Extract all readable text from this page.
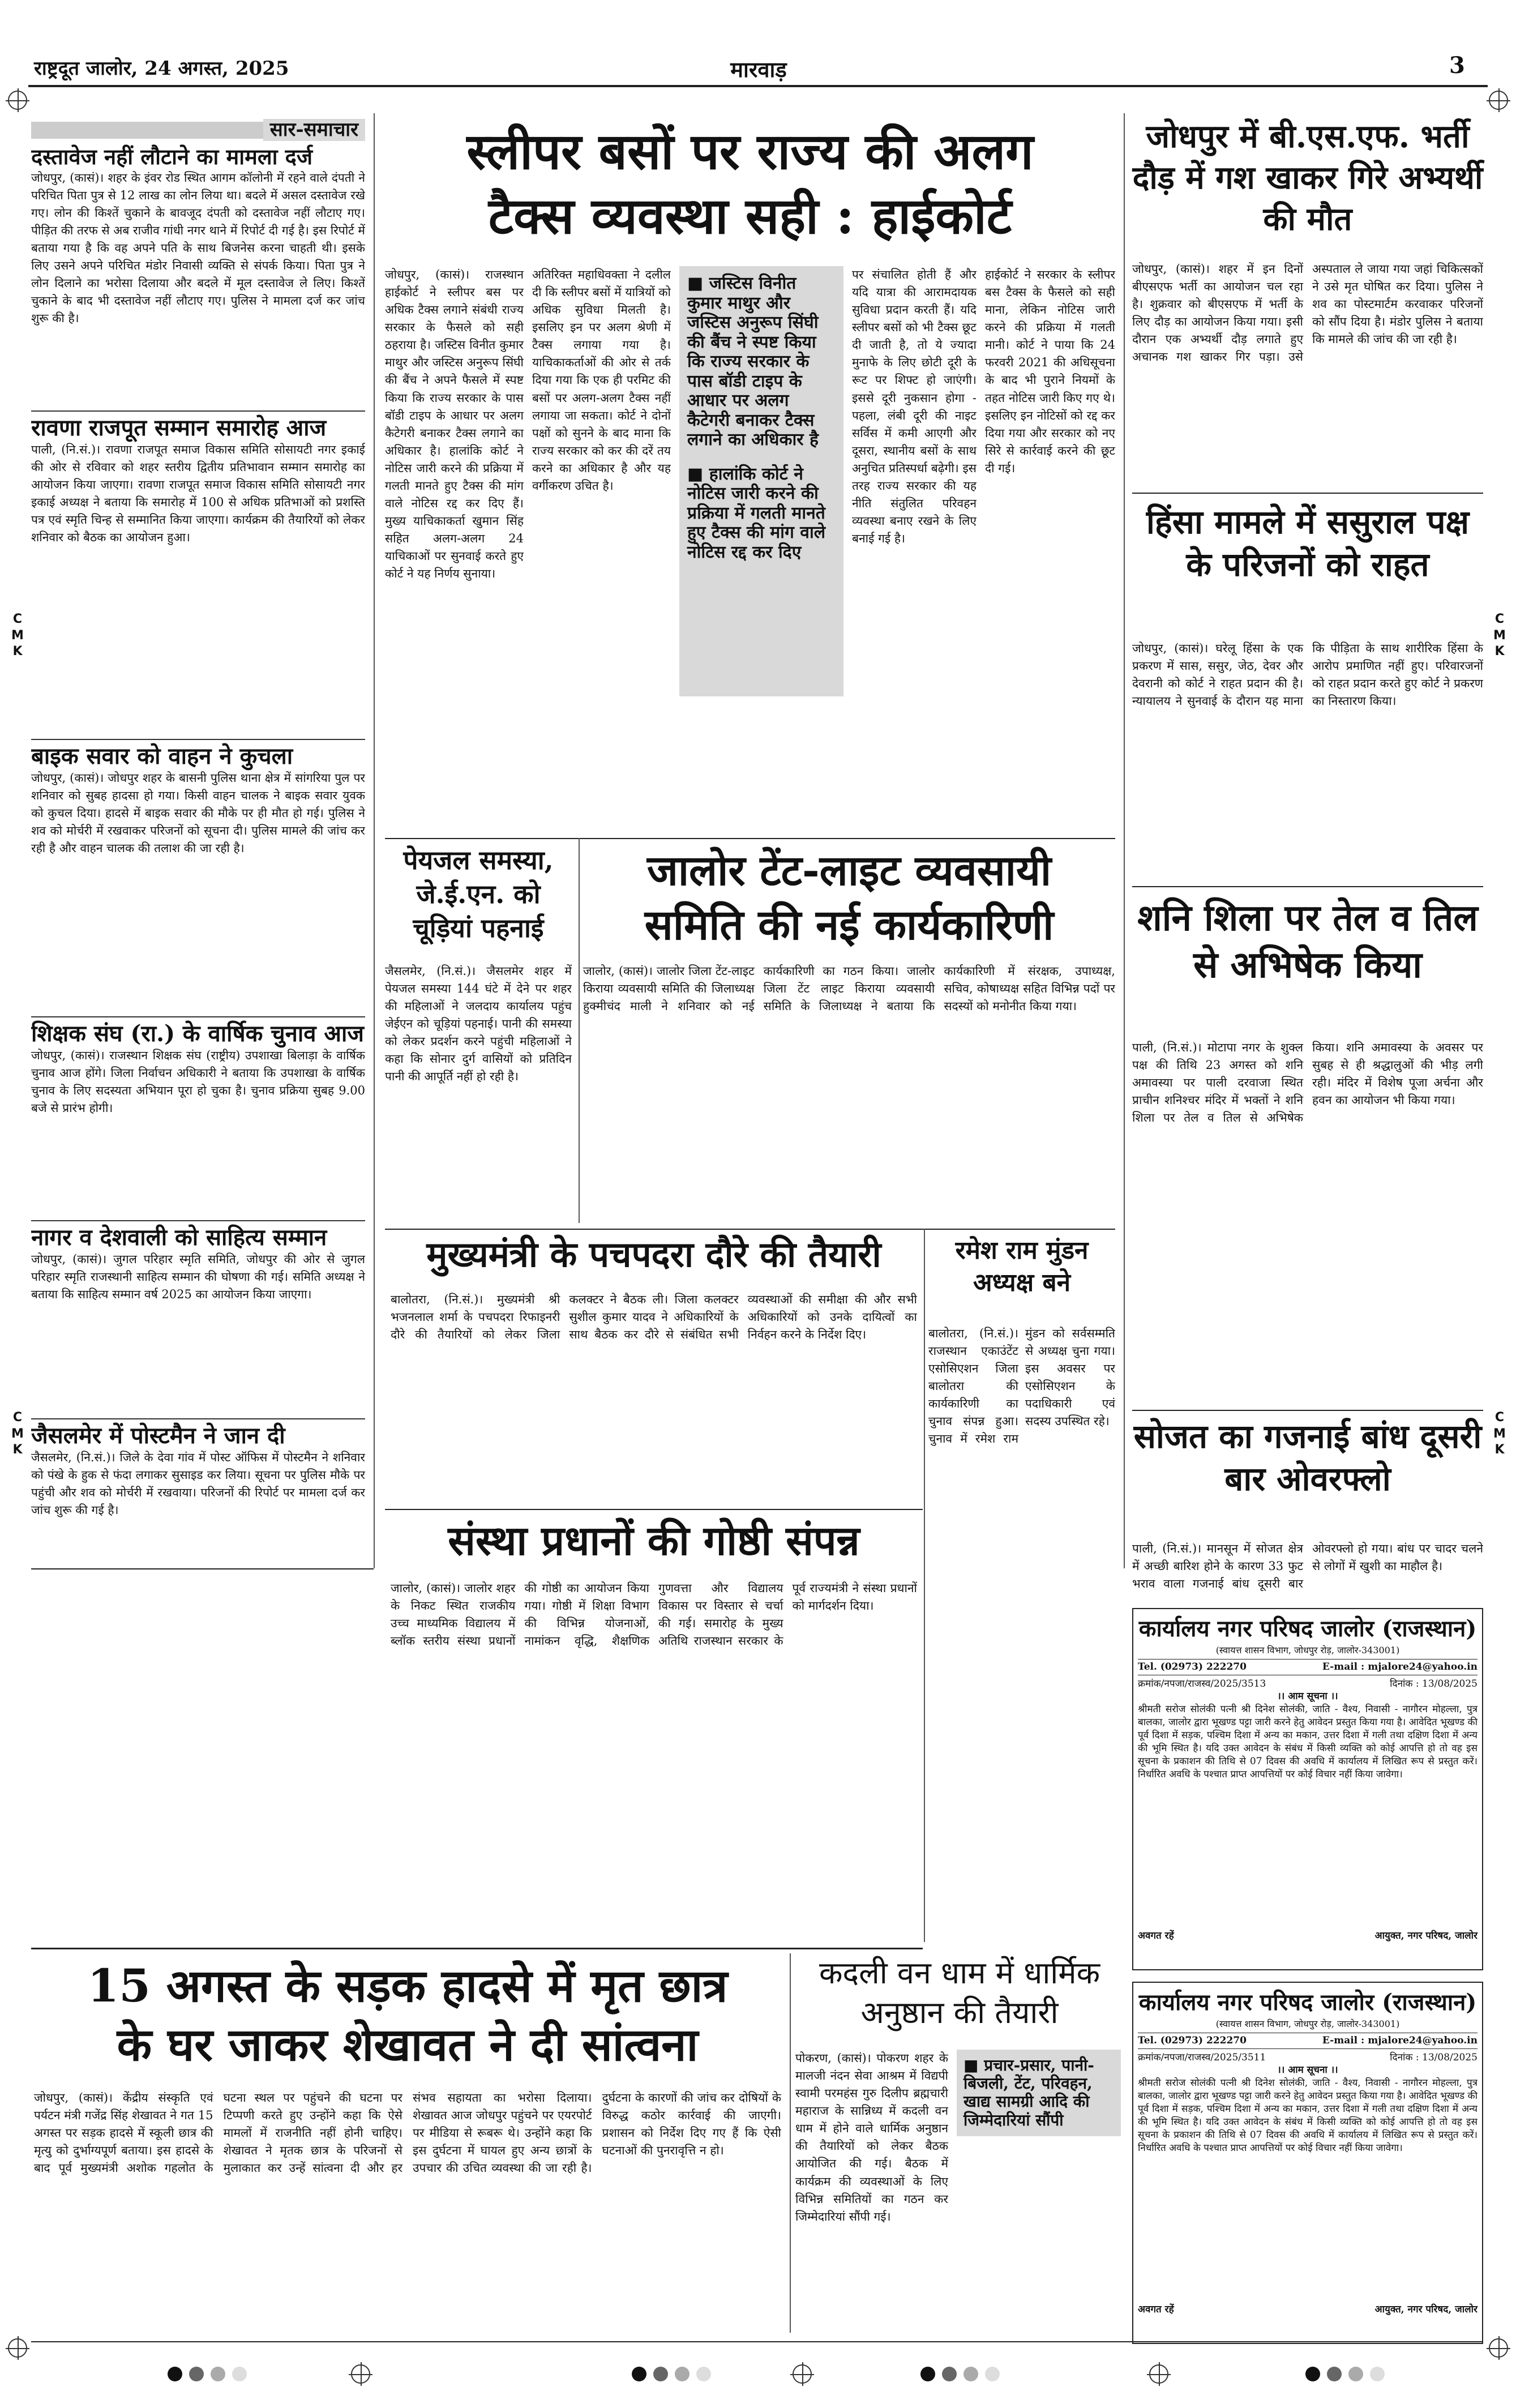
राष्ट्रदूत जालोर, 24 अगस्त, 2025	मारवाड़	3
C
M
K
C
M
K
C
M
K
C
M
K
सार-समाचार
दस्तावेज नहीं लौटाने का मामला दर्ज
जोधपुर, (कासं)। शहर के इंवर रोड स्थित आगम कॉलोनी में रहने वाले दंपती ने परिचित पिता पुत्र से 12 लाख का लोन लिया था। बदले में असल दस्तावेज रखे गए। लोन की किश्तें चुकाने के बावजूद दंपती को दस्तावेज नहीं लौटाए गए। पीड़ित की तरफ से अब राजीव गांधी नगर थाने में रिपोर्ट दी गई है। इस रिपोर्ट में बताया गया है कि वह अपने पति के साथ बिजनेस करना चाहती थी। इसके लिए उसने अपने परिचित मंडोर निवासी व्यक्ति से संपर्क किया। पिता पुत्र ने लोन दिलाने का भरोसा दिलाया और बदले में मूल दस्तावेज ले लिए। किश्तें चुकाने के बाद भी दस्तावेज नहीं लौटाए गए। पुलिस ने मामला दर्ज कर जांच शुरू की है।
रावणा राजपूत सम्मान समारोह आज
पाली, (नि.सं.)। रावणा राजपूत समाज विकास समिति सोसायटी नगर इकाई की ओर से रविवार को शहर स्तरीय द्वितीय प्रतिभावान सम्मान समारोह का आयोजन किया जाएगा। रावणा राजपूत समाज विकास समिति सोसायटी नगर इकाई अध्यक्ष ने बताया कि समारोह में 100 से अधिक प्रतिभाओं को प्रशस्ति पत्र एवं स्मृति चिन्ह से सम्मानित किया जाएगा। कार्यक्रम की तैयारियों को लेकर शनिवार को बैठक का आयोजन हुआ।
बाइक सवार को वाहन ने कुचला
जोधपुर, (कासं)। जोधपुर शहर के बासनी पुलिस थाना क्षेत्र में सांगरिया पुल पर शनिवार को सुबह हादसा हो गया। किसी वाहन चालक ने बाइक सवार युवक को कुचल दिया। हादसे में बाइक सवार की मौके पर ही मौत हो गई। पुलिस ने शव को मोर्चरी में रखवाकर परिजनों को सूचना दी। पुलिस मामले की जांच कर रही है और वाहन चालक की तलाश की जा रही है।
शिक्षक संघ (रा.) के वार्षिक चुनाव आज
जोधपुर, (कासं)। राजस्थान शिक्षक संघ (राष्ट्रीय) उपशाखा बिलाड़ा के वार्षिक चुनाव आज होंगे। जिला निर्वाचन अधिकारी ने बताया कि उपशाखा के वार्षिक चुनाव के लिए सदस्यता अभियान पूरा हो चुका है। चुनाव प्रक्रिया सुबह 9.00 बजे से प्रारंभ होगी।
नागर व देशवाली को साहित्य सम्मान
जोधपुर, (कासं)। जुगल परिहार स्मृति समिति, जोधपुर की ओर से जुगल परिहार स्मृति राजस्थानी साहित्य सम्मान की घोषणा की गई। समिति अध्यक्ष ने बताया कि साहित्य सम्मान वर्ष 2025 का आयोजन किया जाएगा।
जैसलमेर में पोस्टमैन ने जान दी
जैसलमेर, (नि.सं.)। जिले के देवा गांव में पोस्ट ऑफिस में पोस्टमैन ने शनिवार को पंखे के हुक से फंदा लगाकर सुसाइड कर लिया। सूचना पर पुलिस मौके पर पहुंची और शव को मोर्चरी में रखवाया। परिजनों की रिपोर्ट पर मामला दर्ज कर जांच शुरू की गई है।
स्लीपर बसों पर राज्य की अलग
टैक्स व्यवस्था सही : हाईकोर्ट
जोधपुर, (कासं)। राजस्थान हाईकोर्ट ने स्लीपर बस पर अधिक टैक्स लगाने संबंधी राज्य सरकार के फैसले को सही ठहराया है। जस्टिस विनीत कुमार माथुर और जस्टिस अनुरूप सिंघी की बैंच ने अपने फैसले में स्पष्ट किया कि राज्य सरकार के पास बॉडी टाइप के आधार पर अलग कैटेगरी बनाकर टैक्स लगाने का अधिकार है। हालांकि कोर्ट ने नोटिस जारी करने की प्रक्रिया में गलती मानते हुए टैक्स की मांग वाले नोटिस रद्द कर दिए हैं। मुख्य याचिकाकर्ता खुमान सिंह सहित अलग-अलग 24 याचिकाओं पर सुनवाई करते हुए कोर्ट ने यह निर्णय सुनाया।
अतिरिक्त महाधिवक्ता ने दलील दी कि स्लीपर बसों में यात्रियों को अधिक सुविधा मिलती है। इसलिए इन पर अलग श्रेणी में टैक्स लगाया गया है। याचिकाकर्ताओं की ओर से तर्क दिया गया कि एक ही परमिट की बसों पर अलग-अलग टैक्स नहीं लगाया जा सकता। कोर्ट ने दोनों पक्षों को सुनने के बाद माना कि राज्य सरकार को कर की दरें तय करने का अधिकार है और यह वर्गीकरण उचित है।
■ जस्टिस विनीत कुमार माथुर और जस्टिस अनुरूप सिंघी की बैंच ने स्पष्ट किया कि राज्य सरकार के पास बॉडी टाइप के आधार पर अलग कैटेगरी बनाकर टैक्स लगाने का अधिकार है
■ हालांकि कोर्ट ने नोटिस जारी करने की प्रक्रिया में गलती मानते हुए टैक्स की मांग वाले नोटिस रद्द कर दिए
पर संचालित होती हैं और यदि यात्रा की आरामदायक सुविधा प्रदान करती हैं। यदि स्लीपर बसों को भी टैक्स छूट दी जाती है, तो ये ज्यादा मुनाफे के लिए छोटी दूरी के रूट पर शिफ्ट हो जाएंगी। इससे दूरी नुकसान होगा - पहला, लंबी दूरी की नाइट सर्विस में कमी आएगी और दूसरा, स्थानीय बसों के साथ अनुचित प्रतिस्पर्धा बढ़ेगी। इस तरह राज्य सरकार की यह नीति संतुलित परिवहन व्यवस्था बनाए रखने के लिए बनाई गई है।
हाईकोर्ट ने सरकार के स्लीपर बस टैक्स के फैसले को सही माना, लेकिन नोटिस जारी करने की प्रक्रिया में गलती मानी। कोर्ट ने पाया कि 24 फरवरी 2021 की अधिसूचना के बाद भी पुराने नियमों के तहत नोटिस जारी किए गए थे। इसलिए इन नोटिसों को रद्द कर दिया गया और सरकार को नए सिरे से कार्रवाई करने की छूट दी गई।
जोधपुर में बी.एस.एफ. भर्ती दौड़ में गश खाकर गिरे अभ्यर्थी की मौत
जोधपुर, (कासं)। शहर में इन दिनों बीएसएफ भर्ती का आयोजन चल रहा है। शुक्रवार को बीएसएफ में भर्ती के लिए दौड़ का आयोजन किया गया। इसी दौरान एक अभ्यर्थी दौड़ लगाते हुए अचानक गश खाकर गिर पड़ा। उसे अस्पताल ले जाया गया जहां चिकित्सकों ने उसे मृत घोषित कर दिया। पुलिस ने शव का पोस्टमार्टम करवाकर परिजनों को सौंप दिया है। मंडोर पुलिस ने बताया कि मामले की जांच की जा रही है।
हिंसा मामले में ससुराल पक्ष के परिजनों को राहत
जोधपुर, (कासं)। घरेलू हिंसा के एक प्रकरण में सास, ससुर, जेठ, देवर और देवरानी को कोर्ट ने राहत प्रदान की है। न्यायालय ने सुनवाई के दौरान यह माना कि पीड़िता के साथ शारीरिक हिंसा के आरोप प्रमाणित नहीं हुए। परिवारजनों को राहत प्रदान करते हुए कोर्ट ने प्रकरण का निस्तारण किया।
शनि शिला पर तेल व तिल से अभिषेक किया
पाली, (नि.सं.)। मोटापा नगर के शुक्ल पक्ष की तिथि 23 अगस्त को शनि अमावस्या पर पाली दरवाजा स्थित प्राचीन शनिश्चर मंदिर में भक्तों ने शनि शिला पर तेल व तिल से अभिषेक किया। शनि अमावस्या के अवसर पर सुबह से ही श्रद्धालुओं की भीड़ लगी रही। मंदिर में विशेष पूजा अर्चना और हवन का आयोजन भी किया गया।
सोजत का गजनाई बांध दूसरी बार ओवरफ्लो
पाली, (नि.सं.)। मानसून में सोजत क्षेत्र में अच्छी बारिश होने के कारण 33 फुट भराव वाला गजनाई बांध दूसरी बार ओवरफ्लो हो गया। बांध पर चादर चलने से लोगों में खुशी का माहौल है।
पेयजल समस्या,
जे.ई.एन. को
चूड़ियां पहनाई
जैसलमेर, (नि.सं.)। जैसलमेर शहर में पेयजल समस्या 144 घंटे में देने पर शहर की महिलाओं ने जलदाय कार्यालय पहुंच जेईएन को चूड़ियां पहनाई। पानी की समस्या को लेकर प्रदर्शन करने पहुंची महिलाओं ने कहा कि सोनार दुर्ग वासियों को प्रतिदिन पानी की आपूर्ति नहीं हो रही है।
जालोर टेंट-लाइट व्यवसायी
समिति की नई कार्यकारिणी
जालोर, (कासं)। जालोर जिला टेंट-लाइट किराया व्यवसायी समिति की जिलाध्यक्ष हुक्मीचंद माली ने शनिवार को नई कार्यकारिणी का गठन किया। जालोर जिला टेंट लाइट किराया व्यवसायी समिति के जिलाध्यक्ष ने बताया कि कार्यकारिणी में संरक्षक, उपाध्यक्ष, सचिव, कोषाध्यक्ष सहित विभिन्न पदों पर सदस्यों को मनोनीत किया गया।
मुख्यमंत्री के पचपदरा दौरे की तैयारी
बालोतरा, (नि.सं.)। मुख्यमंत्री श्री भजनलाल शर्मा के पचपदरा रिफाइनरी दौरे की तैयारियों को लेकर जिला कलक्टर ने बैठक ली। जिला कलक्टर सुशील कुमार यादव ने अधिकारियों के साथ बैठक कर दौरे से संबंधित सभी व्यवस्थाओं की समीक्षा की और सभी अधिकारियों को उनके दायित्वों का निर्वहन करने के निर्देश दिए।
रमेश राम मुंडन
अध्यक्ष बने
बालोतरा, (नि.सं.)। राजस्थान एकाउंटेंट एसोसिएशन जिला बालोतरा की कार्यकारिणी का चुनाव संपन्न हुआ। चुनाव में रमेश राम मुंडन को सर्वसम्मति से अध्यक्ष चुना गया। इस अवसर पर एसोसिएशन के पदाधिकारी एवं सदस्य उपस्थित रहे।
संस्था प्रधानों की गोष्ठी संपन्न
जालोर, (कासं)। जालोर शहर के निकट स्थित राजकीय उच्च माध्यमिक विद्यालय में ब्लॉक स्तरीय संस्था प्रधानों की गोष्ठी का आयोजन किया गया। गोष्ठी में शिक्षा विभाग की विभिन्न योजनाओं, नामांकन वृद्धि, शैक्षणिक गुणवत्ता और विद्यालय विकास पर विस्तार से चर्चा की गई। समारोह के मुख्य अतिथि राजस्थान सरकार के पूर्व राज्यमंत्री ने संस्था प्रधानों को मार्गदर्शन दिया।
कार्यालय नगर परिषद जालोर (राजस्थान)
(स्वायत्त शासन विभाग, जोधपुर रोड़, जालोर-343001)
Tel. (02973) 222270	E-mail : mjalore24@yahoo.in
क्रमांक/नपजा/राजस्व/2025/3513	दिनांक : 13/08/2025
।। आम सूचना ।।
श्रीमती सरोज सोलंकी पत्नी श्री दिनेश सोलंकी, जाति - वैश्य, निवासी - नागौरन मोहल्ला, पुत्र बालका, जालोर द्वारा भूखण्ड पट्टा जारी करने हेतु आवेदन प्रस्तुत किया गया है। आवेदित भूखण्ड की पूर्व दिशा में सड़क, पश्चिम दिशा में अन्य का मकान, उत्तर दिशा में गली तथा दक्षिण दिशा में अन्य की भूमि स्थित है। यदि उक्त आवेदन के संबंध में किसी व्यक्ति को कोई आपत्ति हो तो वह इस सूचना के प्रकाशन की तिथि से 07 दिवस की अवधि में कार्यालय में लिखित रूप से प्रस्तुत करें। निर्धारित अवधि के पश्चात प्राप्त आपत्तियों पर कोई विचार नहीं किया जावेगा।
अवगत रहें	आयुक्त, नगर परिषद, जालोर
कार्यालय नगर परिषद जालोर (राजस्थान)
(स्वायत्त शासन विभाग, जोधपुर रोड़, जालोर-343001)
Tel. (02973) 222270	E-mail : mjalore24@yahoo.in
क्रमांक/नपजा/राजस्व/2025/3511	दिनांक : 13/08/2025
।। आम सूचना ।।
श्रीमती सरोज सोलंकी पत्नी श्री दिनेश सोलंकी, जाति - वैश्य, निवासी - नागौरन मोहल्ला, पुत्र बालका, जालोर द्वारा भूखण्ड पट्टा जारी करने हेतु आवेदन प्रस्तुत किया गया है। आवेदित भूखण्ड की पूर्व दिशा में सड़क, पश्चिम दिशा में अन्य का मकान, उत्तर दिशा में गली तथा दक्षिण दिशा में अन्य की भूमि स्थित है। यदि उक्त आवेदन के संबंध में किसी व्यक्ति को कोई आपत्ति हो तो वह इस सूचना के प्रकाशन की तिथि से 07 दिवस की अवधि में कार्यालय में लिखित रूप से प्रस्तुत करें। निर्धारित अवधि के पश्चात प्राप्त आपत्तियों पर कोई विचार नहीं किया जावेगा।
अवगत रहें	आयुक्त, नगर परिषद, जालोर
15 अगस्त के सड़क हादसे में मृत छात्र
के घर जाकर शेखावत ने दी सांत्वना
जोधपुर, (कासं)। केंद्रीय संस्कृति एवं पर्यटन मंत्री गजेंद्र सिंह शेखावत ने गत 15 अगस्त पर सड़क हादसे में स्कूली छात्र की मृत्यु को दुर्भाग्यपूर्ण बताया। इस हादसे के बाद पूर्व मुख्यमंत्री अशोक गहलोत के घटना स्थल पर पहुंचने की घटना पर टिप्पणी करते हुए उन्होंने कहा कि ऐसे मामलों में राजनीति नहीं होनी चाहिए। शेखावत ने मृतक छात्र के परिजनों से मुलाकात कर उन्हें सांत्वना दी और हर संभव सहायता का भरोसा दिलाया। शेखावत आज जोधपुर पहुंचने पर एयरपोर्ट पर मीडिया से रूबरू थे। उन्होंने कहा कि इस दुर्घटना में घायल हुए अन्य छात्रों के उपचार की उचित व्यवस्था की जा रही है। दुर्घटना के कारणों की जांच कर दोषियों के विरुद्ध कठोर कार्रवाई की जाएगी। प्रशासन को निर्देश दिए गए हैं कि ऐसी घटनाओं की पुनरावृत्ति न हो।
कदली वन धाम में धार्मिक
अनुष्ठान की तैयारी
पोकरण, (कासं)। पोकरण शहर के मालजी नंदन सेवा आश्रम में विद्यपी स्वामी परमहंस गुरु दिलीप ब्रह्मचारी महाराज के सान्निध्य में कदली वन धाम में होने वाले धार्मिक अनुष्ठान की तैयारियों को लेकर बैठक आयोजित की गई। बैठक में कार्यक्रम की व्यवस्थाओं के लिए विभिन्न समितियों का गठन कर जिम्मेदारियां सौंपी गई।
■ प्रचार-प्रसार, पानी-बिजली, टेंट, परिवहन, खाद्य सामग्री आदि की जिम्मेदारियां सौंपी
